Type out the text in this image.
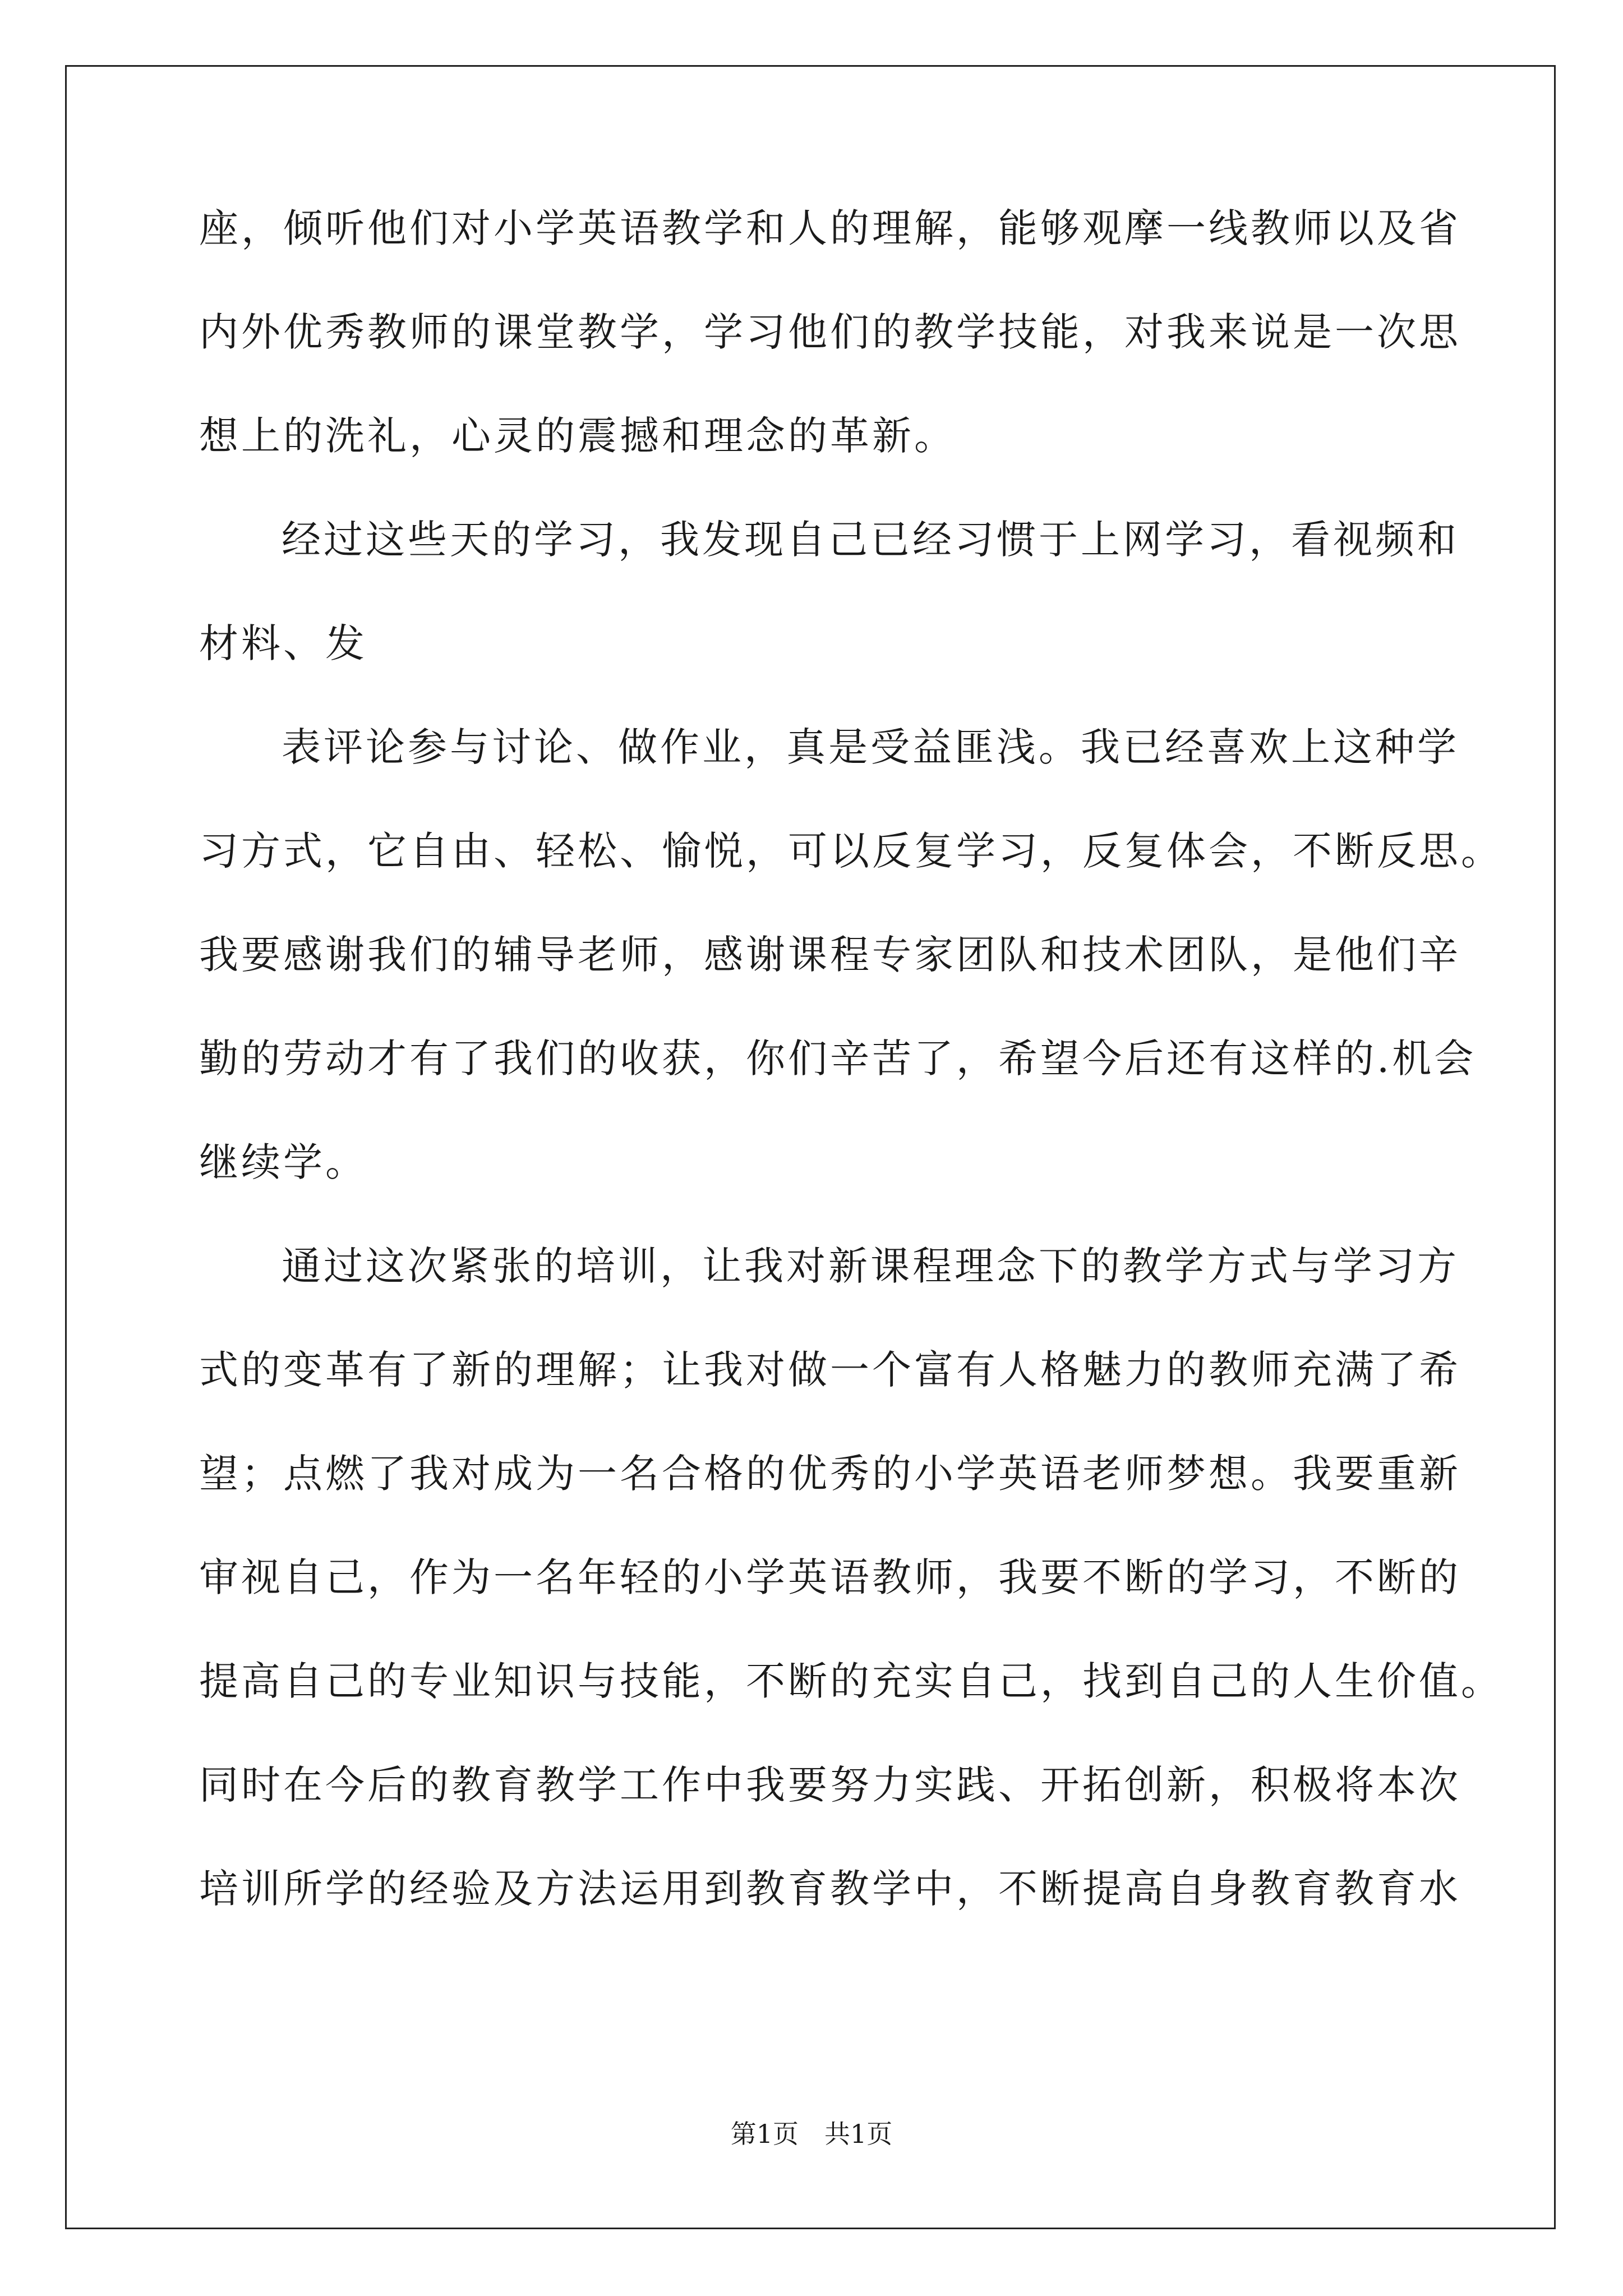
座，倾听他们对小学英语教学和人的理解，能够观摩一线教师以及省
内外优秀教师的课堂教学，学习他们的教学技能，对我来说是一次思
想上的洗礼，心灵的震撼和理念的革新。
经过这些天的学习，我发现自己已经习惯于上网学习，看视频和
材料、发
表评论参与讨论、做作业，真是受益匪浅。我已经喜欢上这种学
习方式，它自由、轻松、愉悦，可以反复学习，反复体会，不断反思。
我要感谢我们的辅导老师，感谢课程专家团队和技术团队，是他们辛
勤的劳动才有了我们的收获，你们辛苦了，希望今后还有这样的.机会
继续学。
通过这次紧张的培训，让我对新课程理念下的教学方式与学习方
式的变革有了新的理解；让我对做一个富有人格魅力的教师充满了希
望；点燃了我对成为一名合格的优秀的小学英语老师梦想。我要重新
审视自己，作为一名年轻的小学英语教师，我要不断的学习，不断的
提高自己的专业知识与技能，不断的充实自己，找到自己的人生价值。
同时在今后的教育教学工作中我要努力实践、开拓创新，积极将本次
培训所学的经验及方法运用到教育教学中，不断提高自身教育教育水
第1页 共1页
